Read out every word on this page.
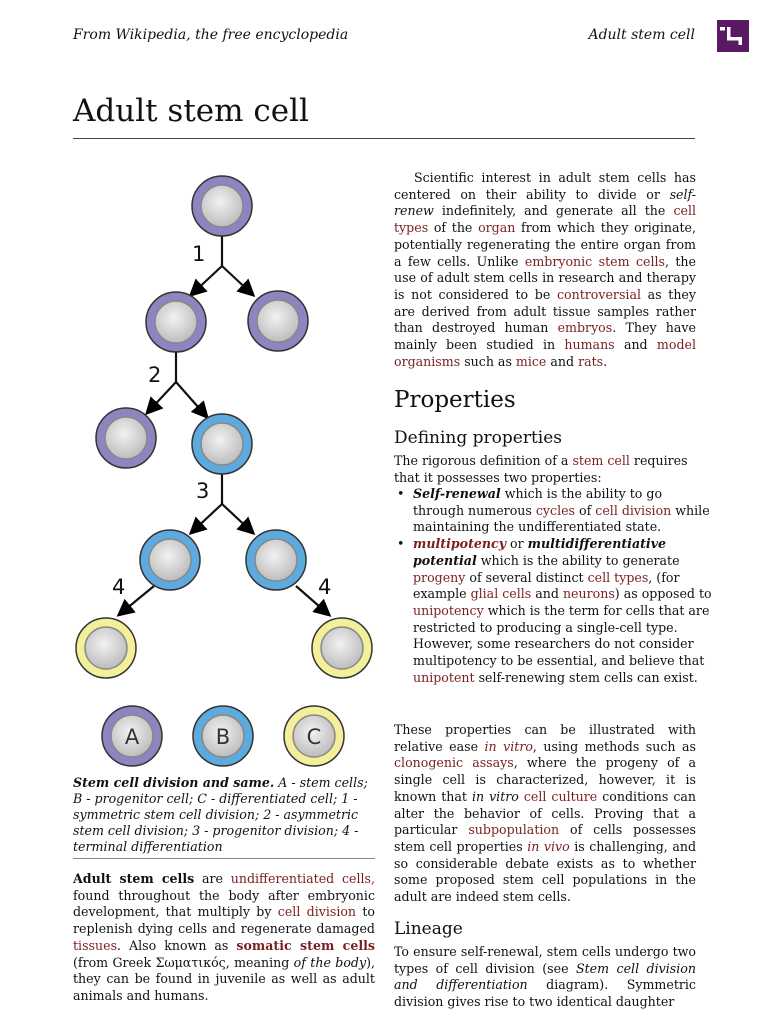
From Wikipedia, the free encyclopedia	Adult stem cell
Adult stem cell
1
2
3
4	4
A	B	C

Stem cell division and same. A - stem cells; B - progenitor cell; C - differentiated cell; 1 - symmetric stem cell division; 2 - asymmetric stem cell division; 3 - progenitor division; 4 - terminal differentiation

Adult stem cells are undifferentiated cells, found throughout the body after embryonic development, that multiply by cell division to replenish dying cells and regenerate damaged tissues. Also known as somatic stem cells (from Greek Σωματικός, meaning of the body), they can be found in juvenile as well as adult animals and humans.

Scientific interest in adult stem cells has centered on their ability to divide or self-renew indefinitely, and generate all the cell types of the organ from which they originate, potentially regenerating the entire organ from a few cells. Unlike embryonic stem cells, the use of adult stem cells in research and therapy is not considered to be controversial as they are derived from adult tissue samples rather than destroyed human embryos. They have mainly been studied in humans and model organisms such as mice and rats.

Properties
Defining properties

The rigorous definition of a stem cell requires that it possesses two properties:

• Self-renewal which is the ability to go through numerous cycles of cell division while maintaining the undifferentiated state.
• multipotency or multidifferentiative potential which is the ability to generate progeny of several distinct cell types, (for example glial cells and neurons) as opposed to unipotency which is the term for cells that are restricted to producing a single-cell type. However, some researchers do not consider multipotency to be essential, and believe that unipotent self-renewing stem cells can exist.

These properties can be illustrated with relative ease in vitro, using methods such as clonogenic assays, where the progeny of a single cell is characterized, however, it is known that in vitro cell culture conditions can alter the behavior of cells. Proving that a particular subpopulation of cells possesses stem cell properties in vivo is challenging, and so considerable debate exists as to whether some proposed stem cell populations in the adult are indeed stem cells.

Lineage

To ensure self-renewal, stem cells undergo two types of cell division (see Stem cell division and differentiation diagram). Symmetric division gives rise to two identical daughter
